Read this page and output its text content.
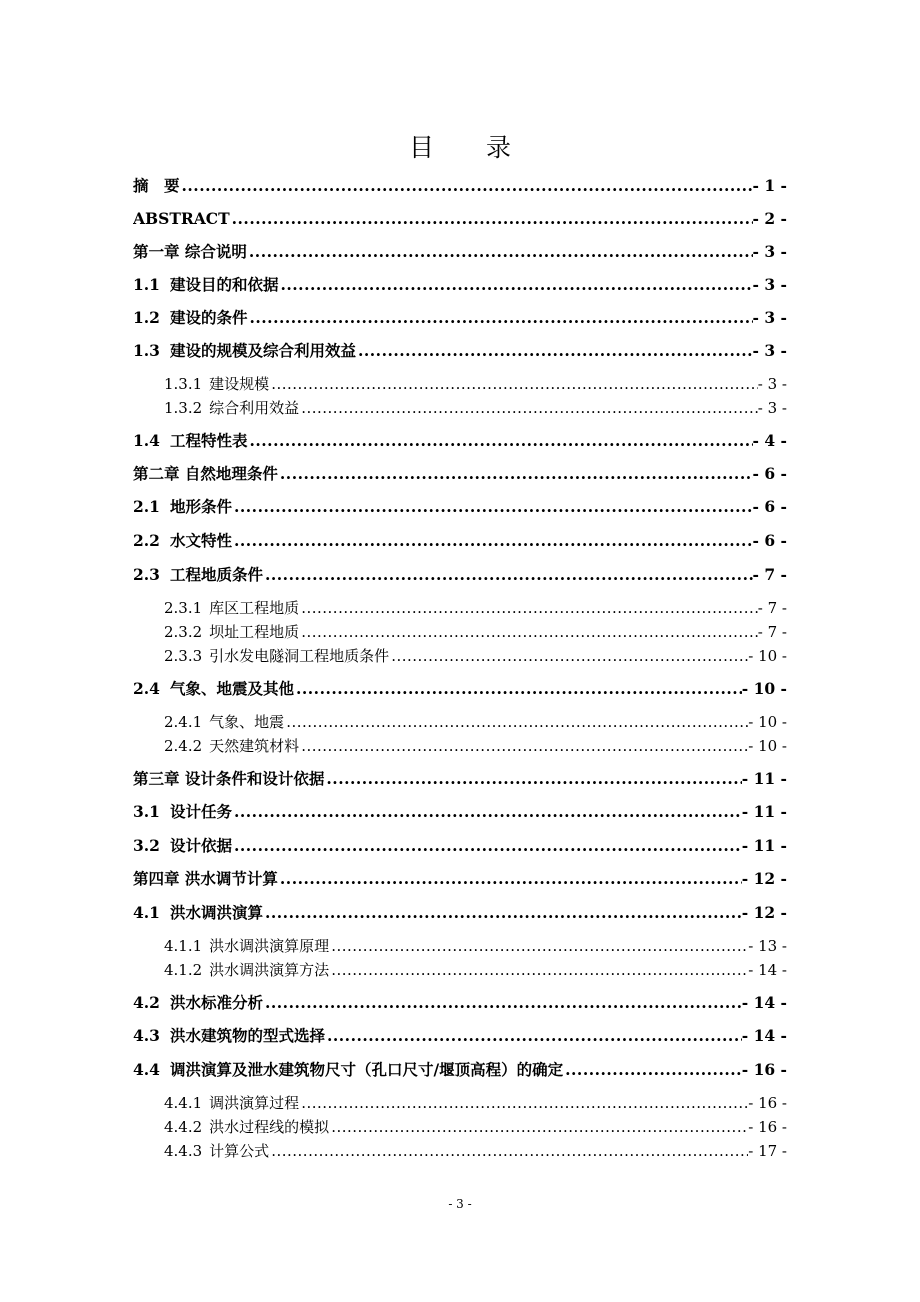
目 录
摘　要 .....	- 1 -
ABSTRACT .....	- 2 -
第一章 综合说明 .....	- 3 -
1.1 建设目的和依据 .....	- 3 -
1.2 建设的条件 .....	- 3 -
1.3 建设的规模及综合利用效益 .....	- 3 -
1.3.1 建设规模 .....	- 3 -
1.3.2 综合利用效益 .....	- 3 -
1.4 工程特性表 .....	- 4 -
第二章 自然地理条件 .....	- 6 -
2.1 地形条件 .....	- 6 -
2.2 水文特性 .....	- 6 -
2.3 工程地质条件 .....	- 7 -
2.3.1 库区工程地质 .....	- 7 -
2.3.2 坝址工程地质 .....	- 7 -
2.3.3 引水发电隧洞工程地质条件 .....	- 10 -
2.4 气象、地震及其他 .....	- 10 -
2.4.1 气象、地震 .....	- 10 -
2.4.2 天然建筑材料 .....	- 10 -
第三章 设计条件和设计依据 .....	- 11 -
3.1 设计任务 .....	- 11 -
3.2 设计依据 .....	- 11 -
第四章 洪水调节计算 .....	- 12 -
4.1 洪水调洪演算 .....	- 12 -
4.1.1 洪水调洪演算原理 .....	- 13 -
4.1.2 洪水调洪演算方法 .....	- 14 -
4.2 洪水标准分析 .....	- 14 -
4.3 洪水建筑物的型式选择 .....	- 14 -
4.4 调洪演算及泄水建筑物尺寸（孔口尺寸/堰顶高程）的确定 .....	- 16 -
4.4.1 调洪演算过程 .....	- 16 -
4.4.2 洪水过程线的模拟 .....	- 16 -
4.4.3 计算公式 .....	- 17 -
- 3 -
